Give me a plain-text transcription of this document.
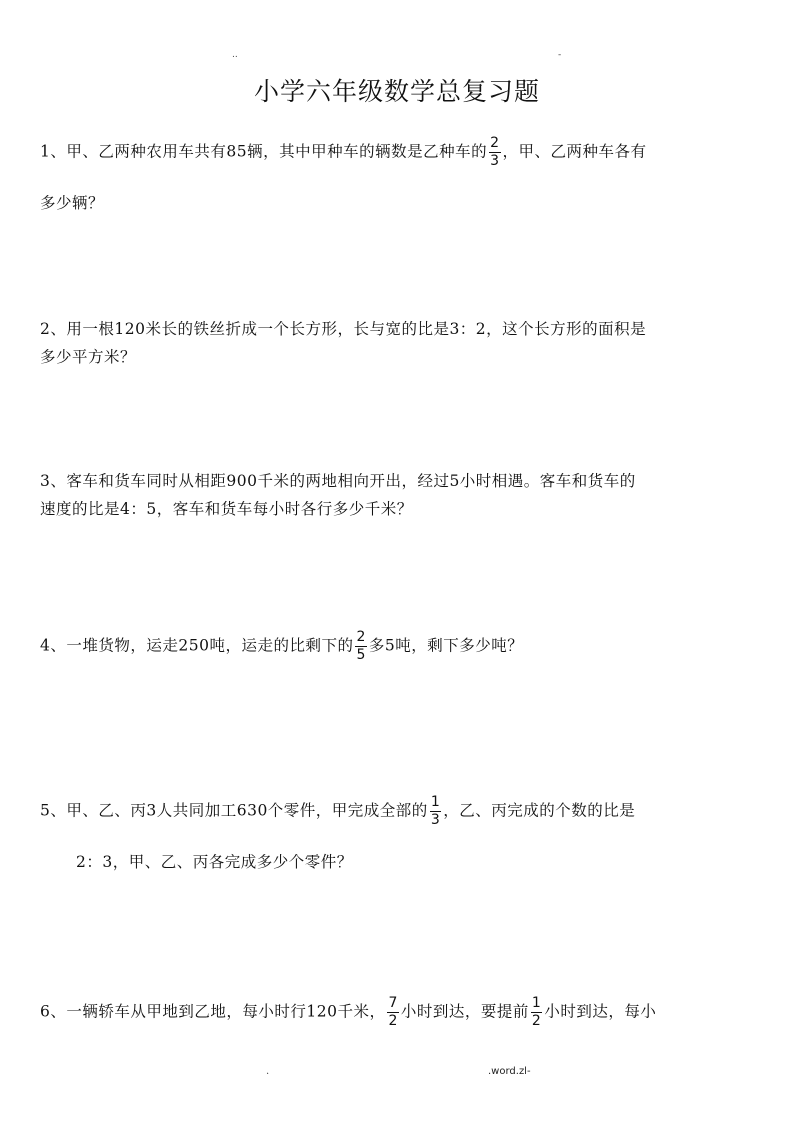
..	-
小学六年级数学总复习题
1、甲、乙两种农用车共有85辆，其中甲种车的辆数是乙种车的 $\frac{2}{3}$ ，甲、乙两种车各有
多少辆？
2、用一根120米长的铁丝折成一个长方形，长与宽的比是3：2，这个长方形的面积是
多少平方米？
3、客车和货车同时从相距900千米的两地相向开出，经过5小时相遇。客车和货车的
速度的比是4：5，客车和货车每小时各行多少千米？
4、一堆货物，运走250吨，运走的比剩下的 $\frac{2}{5}$ 多5吨，剩下多少吨？
5、甲、乙、丙3人共同加工630个零件，甲完成全部的 $\frac{1}{3}$ ，乙、丙完成的个数的比是
2：3，甲、乙、丙各完成多少个零件？
6、一辆轿车从甲地到乙地，每小时行120千米， $\frac{7}{2}$ 小时到达，要提前 $\frac{1}{2}$ 小时到达，每小
.	.word.zl-
